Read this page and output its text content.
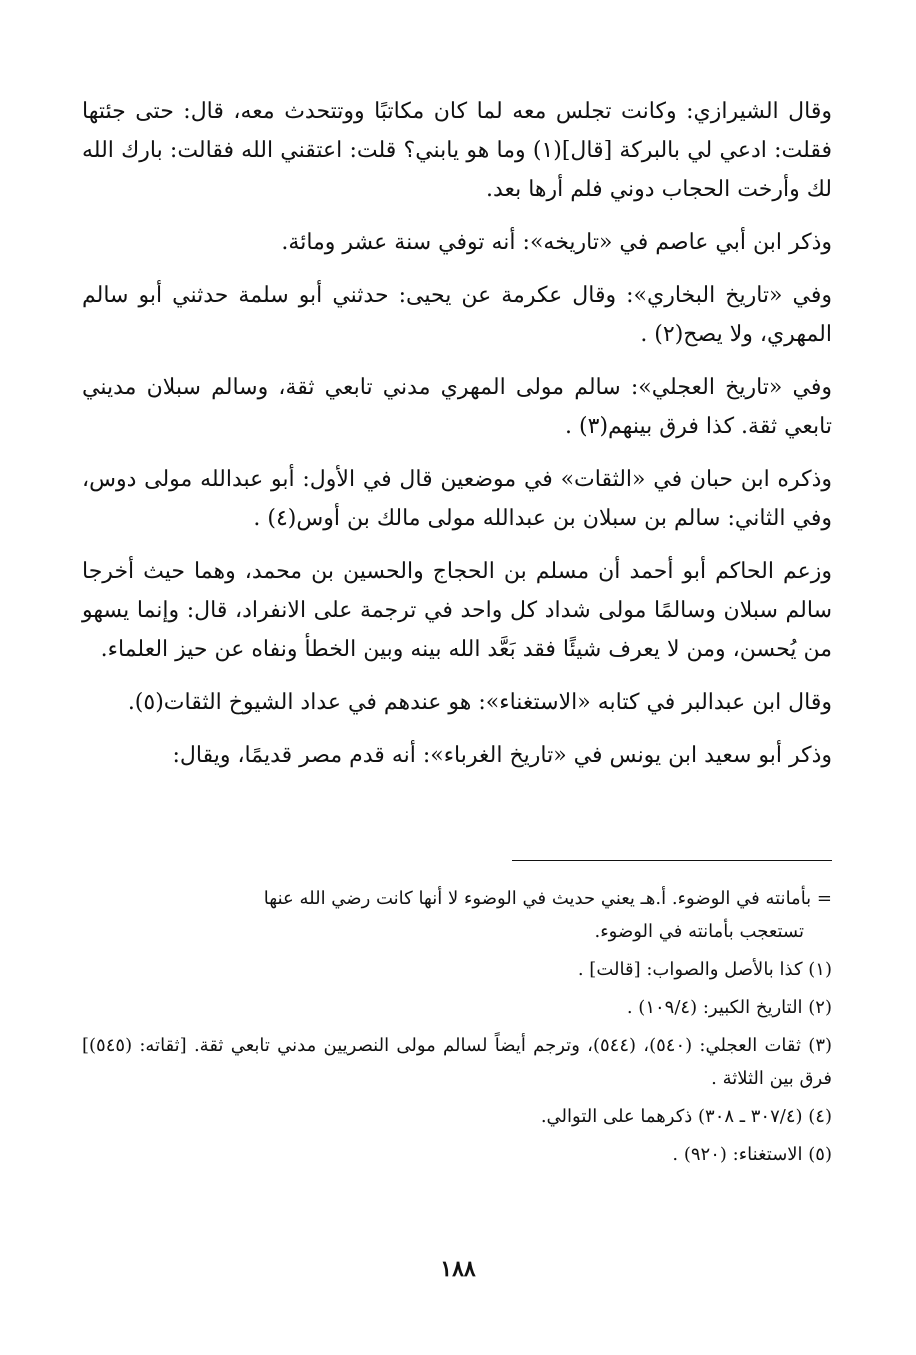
وقال الشيرازي: وكانت تجلس معه لما كان مكاتبًا ووتتحدث معه، قال: حتى جئتها فقلت: ادعي لي بالبركة [قال](١) وما هو يابني؟ قلت: اعتقني الله فقالت: بارك الله لك وأرخت الحجاب دوني فلم أرها بعد.

وذكر ابن أبي عاصم في «تاريخه»: أنه توفي سنة عشر ومائة.

وفي «تاريخ البخاري»: وقال عكرمة عن يحيى: حدثني أبو سلمة حدثني أبو سالم المهري، ولا يصح(٢) .

وفي «تاريخ العجلي»: سالم مولى المهري مدني تابعي ثقة، وسالم سبلان مديني تابعي ثقة. كذا فرق بينهم(٣) .

وذكره ابن حبان في «الثقات» في موضعين قال في الأول: أبو عبدالله مولى دوس، وفي الثاني: سالم بن سبلان بن عبدالله مولى مالك بن أوس(٤) .

وزعم الحاكم أبو أحمد أن مسلم بن الحجاج والحسين بن محمد، وهما حيث أخرجا سالم سبلان وسالمًا مولى شداد كل واحد في ترجمة على الانفراد، قال: وإنما يسهو من يُحسن، ومن لا يعرف شيئًا فقد بَعَّد الله بينه وبين الخطأ ونفاه عن حيز العلماء.

وقال ابن عبدالبر في كتابه «الاستغناء»: هو عندهم في عداد الشيوخ الثقات(٥).

وذكر أبو سعيد ابن يونس في «تاريخ الغرباء»: أنه قدم مصر قديمًا، ويقال:

= بأمانته في الوضوء. أ.هـ يعني حديث في الوضوء لا أنها كانت رضي الله عنها
تستعجب بأمانته في الوضوء.

(١) كذا بالأصل والصواب: [قالت] .

(٢) التاريخ الكبير: (١٠٩/٤) .

(٣) ثقات العجلي: (٥٤٠)، (٥٤٤)، وترجم أيضاً لسالم مولى النصريين مدني تابعي ثقة. [ثقاته: (٥٤٥)] فرق بين الثلاثة .

(٤) (٣٠٧/٤ ـ ٣٠٨) ذكرهما على التوالي.

(٥) الاستغناء: (٩٢٠) .

١٨٨
